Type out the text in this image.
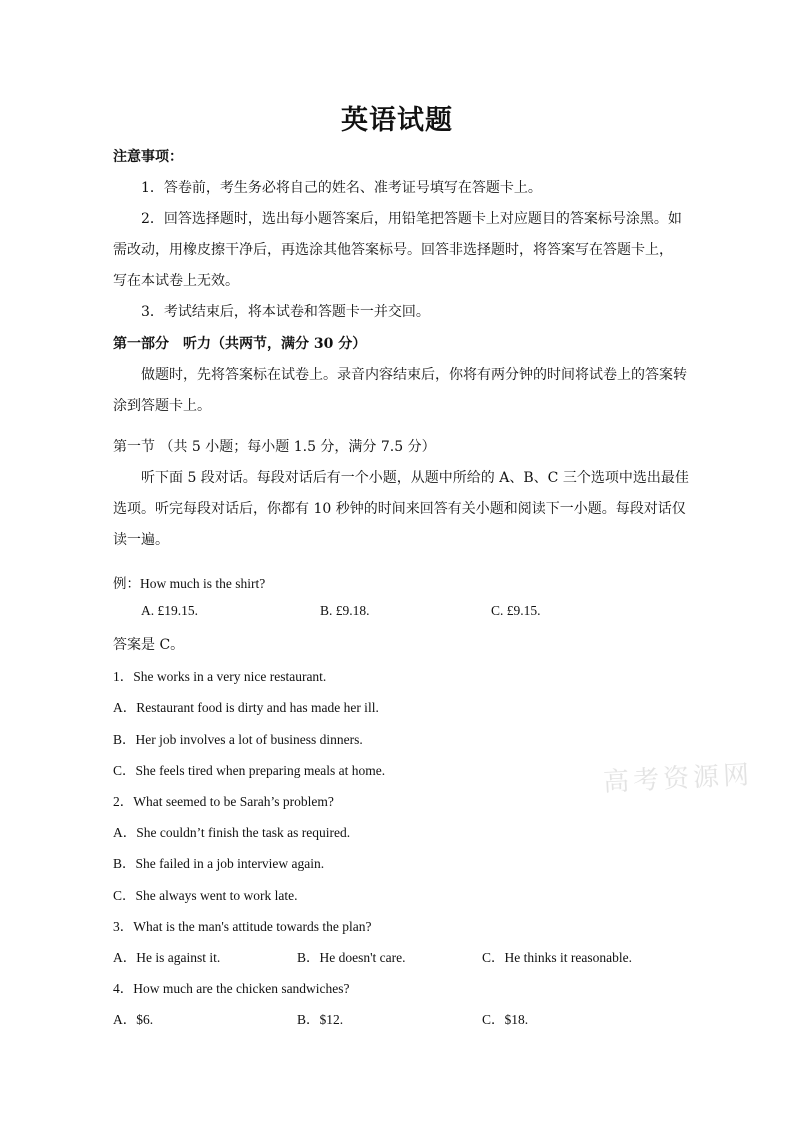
英语试题
注意事项：
1．答卷前，考生务必将自己的姓名、准考证号填写在答题卡上。
2．回答选择题时，选出每小题答案后，用铅笔把答题卡上对应题目的答案标号涂黑。如
需改动，用橡皮擦干净后，再选涂其他答案标号。回答非选择题时，将答案写在答题卡上，
写在本试卷上无效。
3．考试结束后，将本试卷和答题卡一并交回。
第一部分　听力（共两节，满分 30 分）
做题时，先将答案标在试卷上。录音内容结束后，你将有两分钟的时间将试卷上的答案转
涂到答题卡上。
第一节 （共 5 小题；每小题 1.5 分，满分 7.5 分）
听下面 5 段对话。每段对话后有一个小题，从题中所给的 A、B、C 三个选项中选出最佳
选项。听完每段对话后，你都有 10 秒钟的时间来回答有关小题和阅读下一小题。每段对话仅
读一遍。
例：How much is the shirt?
A. £19.15.	B. £9.18.	C. £9.15.
答案是 C。
1．She works in a very nice restaurant.
A．Restaurant food is dirty and has made her ill.
B．Her job involves a lot of business dinners.
C．She feels tired when preparing meals at home.
2．What seemed to be Sarah’s problem?
A．She couldn’t finish the task as required.
B．She failed in a job interview again.
C．She always went to work late.
3．What is the man's attitude towards the plan?
A．He is against it.	B．He doesn't care.	C．He thinks it reasonable.
4．How much are the chicken sandwiches?
A．$6.	B．$12.	C．$18.
高考资源网
